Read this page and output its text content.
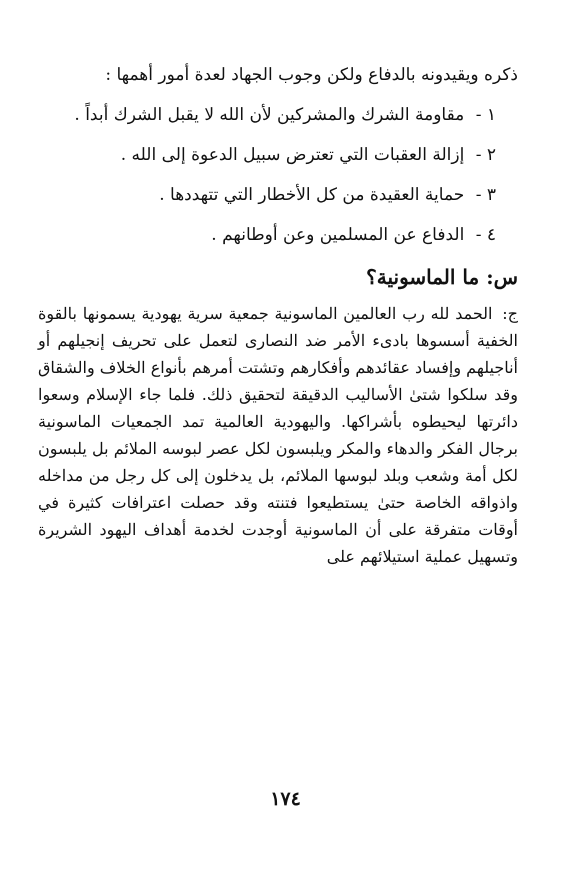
ذكره ويقيدونه بالدفاع ولكن وجوب الجهاد لعدة أمور أهمها :

١ - مقاومة الشرك والمشركين لأن الله لا يقبل الشرك أبداً .
٢ - إزالة العقبات التي تعترض سبيل الدعوة إلى الله .
٣ - حماية العقيدة من كل الأخطار التي تتهددها .
٤ - الدفاع عن المسلمين وعن أوطانهم .
س: ما الماسونية؟

ج: الحمد لله رب العالمين الماسونية جمعية سرية يهودية يسمونها بالقوة الخفية أسسوها بادىء الأمر ضد النصارى لتعمل على تحريف إنجيلهم أو أناجيلهم وإفساد عقائدهم وأفكارهم وتشتت أمرهم بأنواع الخلاف والشقاق وقد سلكوا شتىٰ الأساليب الدقيقة لتحقيق ذلك. فلما جاء الإسلام وسعوا دائرتها ليحيطوه بأشراكها. واليهودية العالمية تمد الجمعيات الماسونية برجال الفكر والدهاء والمكر ويلبسون لكل عصر لبوسه الملائم بل يلبسون لكل أمة وشعب وبلد لبوسها الملائم، بل يدخلون إلى كل رجل من مداخله واذواقه الخاصة حتىٰ يستطيعوا فتنته وقد حصلت اعترافات كثيرة في أوقات متفرقة على أن الماسونية أوجدت لخدمة أهداف اليهود الشريرة وتسهيل عملية استيلائهم على

١٧٤
